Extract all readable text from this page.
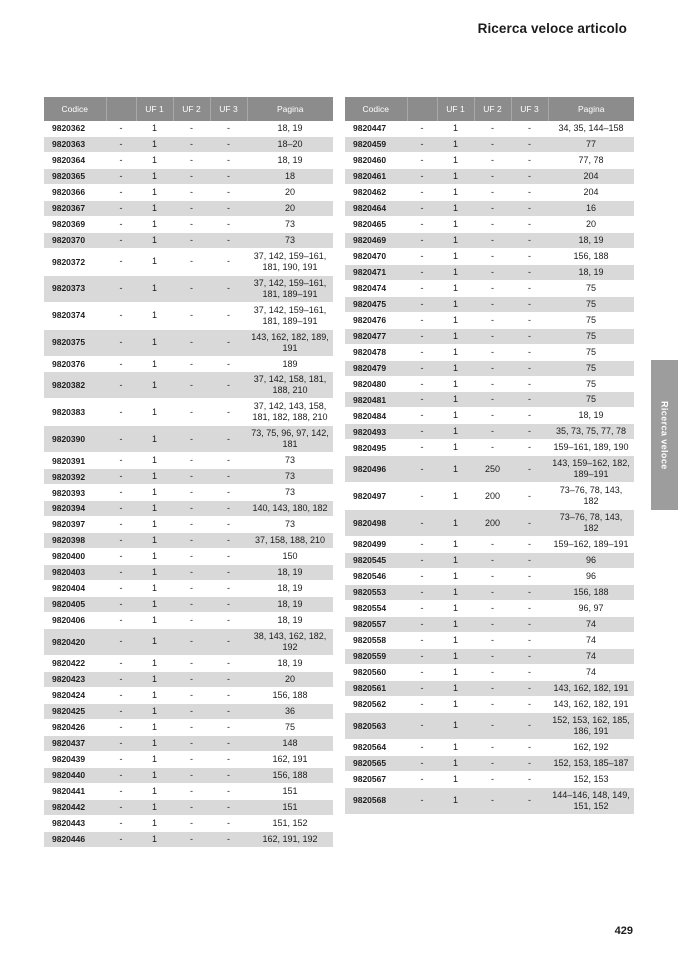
Ricerca veloce articolo
Codice		UF 1	UF 2	UF 3	Pagina
9820362	-	1	-	-	18, 19
9820363	-	1	-	-	18–20
9820364	-	1	-	-	18, 19
9820365	-	1	-	-	18
9820366	-	1	-	-	20
9820367	-	1	-	-	20
9820369	-	1	-	-	73
9820370	-	1	-	-	73
9820372	-	1	-	-	37, 142, 159–161, 181, 190, 191
9820373	-	1	-	-	37, 142, 159–161, 181, 189–191
9820374	-	1	-	-	37, 142, 159–161, 181, 189–191
9820375	-	1	-	-	143, 162, 182, 189, 191
9820376	-	1	-	-	189
9820382	-	1	-	-	37, 142, 158, 181, 188, 210
9820383	-	1	-	-	37, 142, 143, 158, 181, 182, 188, 210
9820390	-	1	-	-	73, 75, 96, 97, 142, 181
9820391	-	1	-	-	73
9820392	-	1	-	-	73
9820393	-	1	-	-	73
9820394	-	1	-	-	140, 143, 180, 182
9820397	-	1	-	-	73
9820398	-	1	-	-	37, 158, 188, 210
9820400	-	1	-	-	150
9820403	-	1	-	-	18, 19
9820404	-	1	-	-	18, 19
9820405	-	1	-	-	18, 19
9820406	-	1	-	-	18, 19
9820420	-	1	-	-	38, 143, 162, 182, 192
9820422	-	1	-	-	18, 19
9820423	-	1	-	-	20
9820424	-	1	-	-	156, 188
9820425	-	1	-	-	36
9820426	-	1	-	-	75
9820437	-	1	-	-	148
9820439	-	1	-	-	162, 191
9820440	-	1	-	-	156, 188
9820441	-	1	-	-	151
9820442	-	1	-	-	151
9820443	-	1	-	-	151, 152
9820446	-	1	-	-	162, 191, 192
Codice		UF 1	UF 2	UF 3	Pagina
9820447	-	1	-	-	34, 35, 144–158
9820459	-	1	-	-	77
9820460	-	1	-	-	77, 78
9820461	-	1	-	-	204
9820462	-	1	-	-	204
9820464	-	1	-	-	16
9820465	-	1	-	-	20
9820469	-	1	-	-	18, 19
9820470	-	1	-	-	156, 188
9820471	-	1	-	-	18, 19
9820474	-	1	-	-	75
9820475	-	1	-	-	75
9820476	-	1	-	-	75
9820477	-	1	-	-	75
9820478	-	1	-	-	75
9820479	-	1	-	-	75
9820480	-	1	-	-	75
9820481	-	1	-	-	75
9820484	-	1	-	-	18, 19
9820493	-	1	-	-	35, 73, 75, 77, 78
9820495	-	1	-	-	159–161, 189, 190
9820496	-	1	250	-	143, 159–162, 182, 189–191
9820497	-	1	200	-	73–76, 78, 143, 182
9820498	-	1	200	-	73–76, 78, 143, 182
9820499	-	1	-	-	159–162, 189–191
9820545	-	1	-	-	96
9820546	-	1	-	-	96
9820553	-	1	-	-	156, 188
9820554	-	1	-	-	96, 97
9820557	-	1	-	-	74
9820558	-	1	-	-	74
9820559	-	1	-	-	74
9820560	-	1	-	-	74
9820561	-	1	-	-	143, 162, 182, 191
9820562	-	1	-	-	143, 162, 182, 191
9820563	-	1	-	-	152, 153, 162, 185, 186, 191
9820564	-	1	-	-	162, 192
9820565	-	1	-	-	152, 153, 185–187
9820567	-	1	-	-	152, 153
9820568	-	1	-	-	144–146, 148, 149, 151, 152
Ricerca veloce
429
